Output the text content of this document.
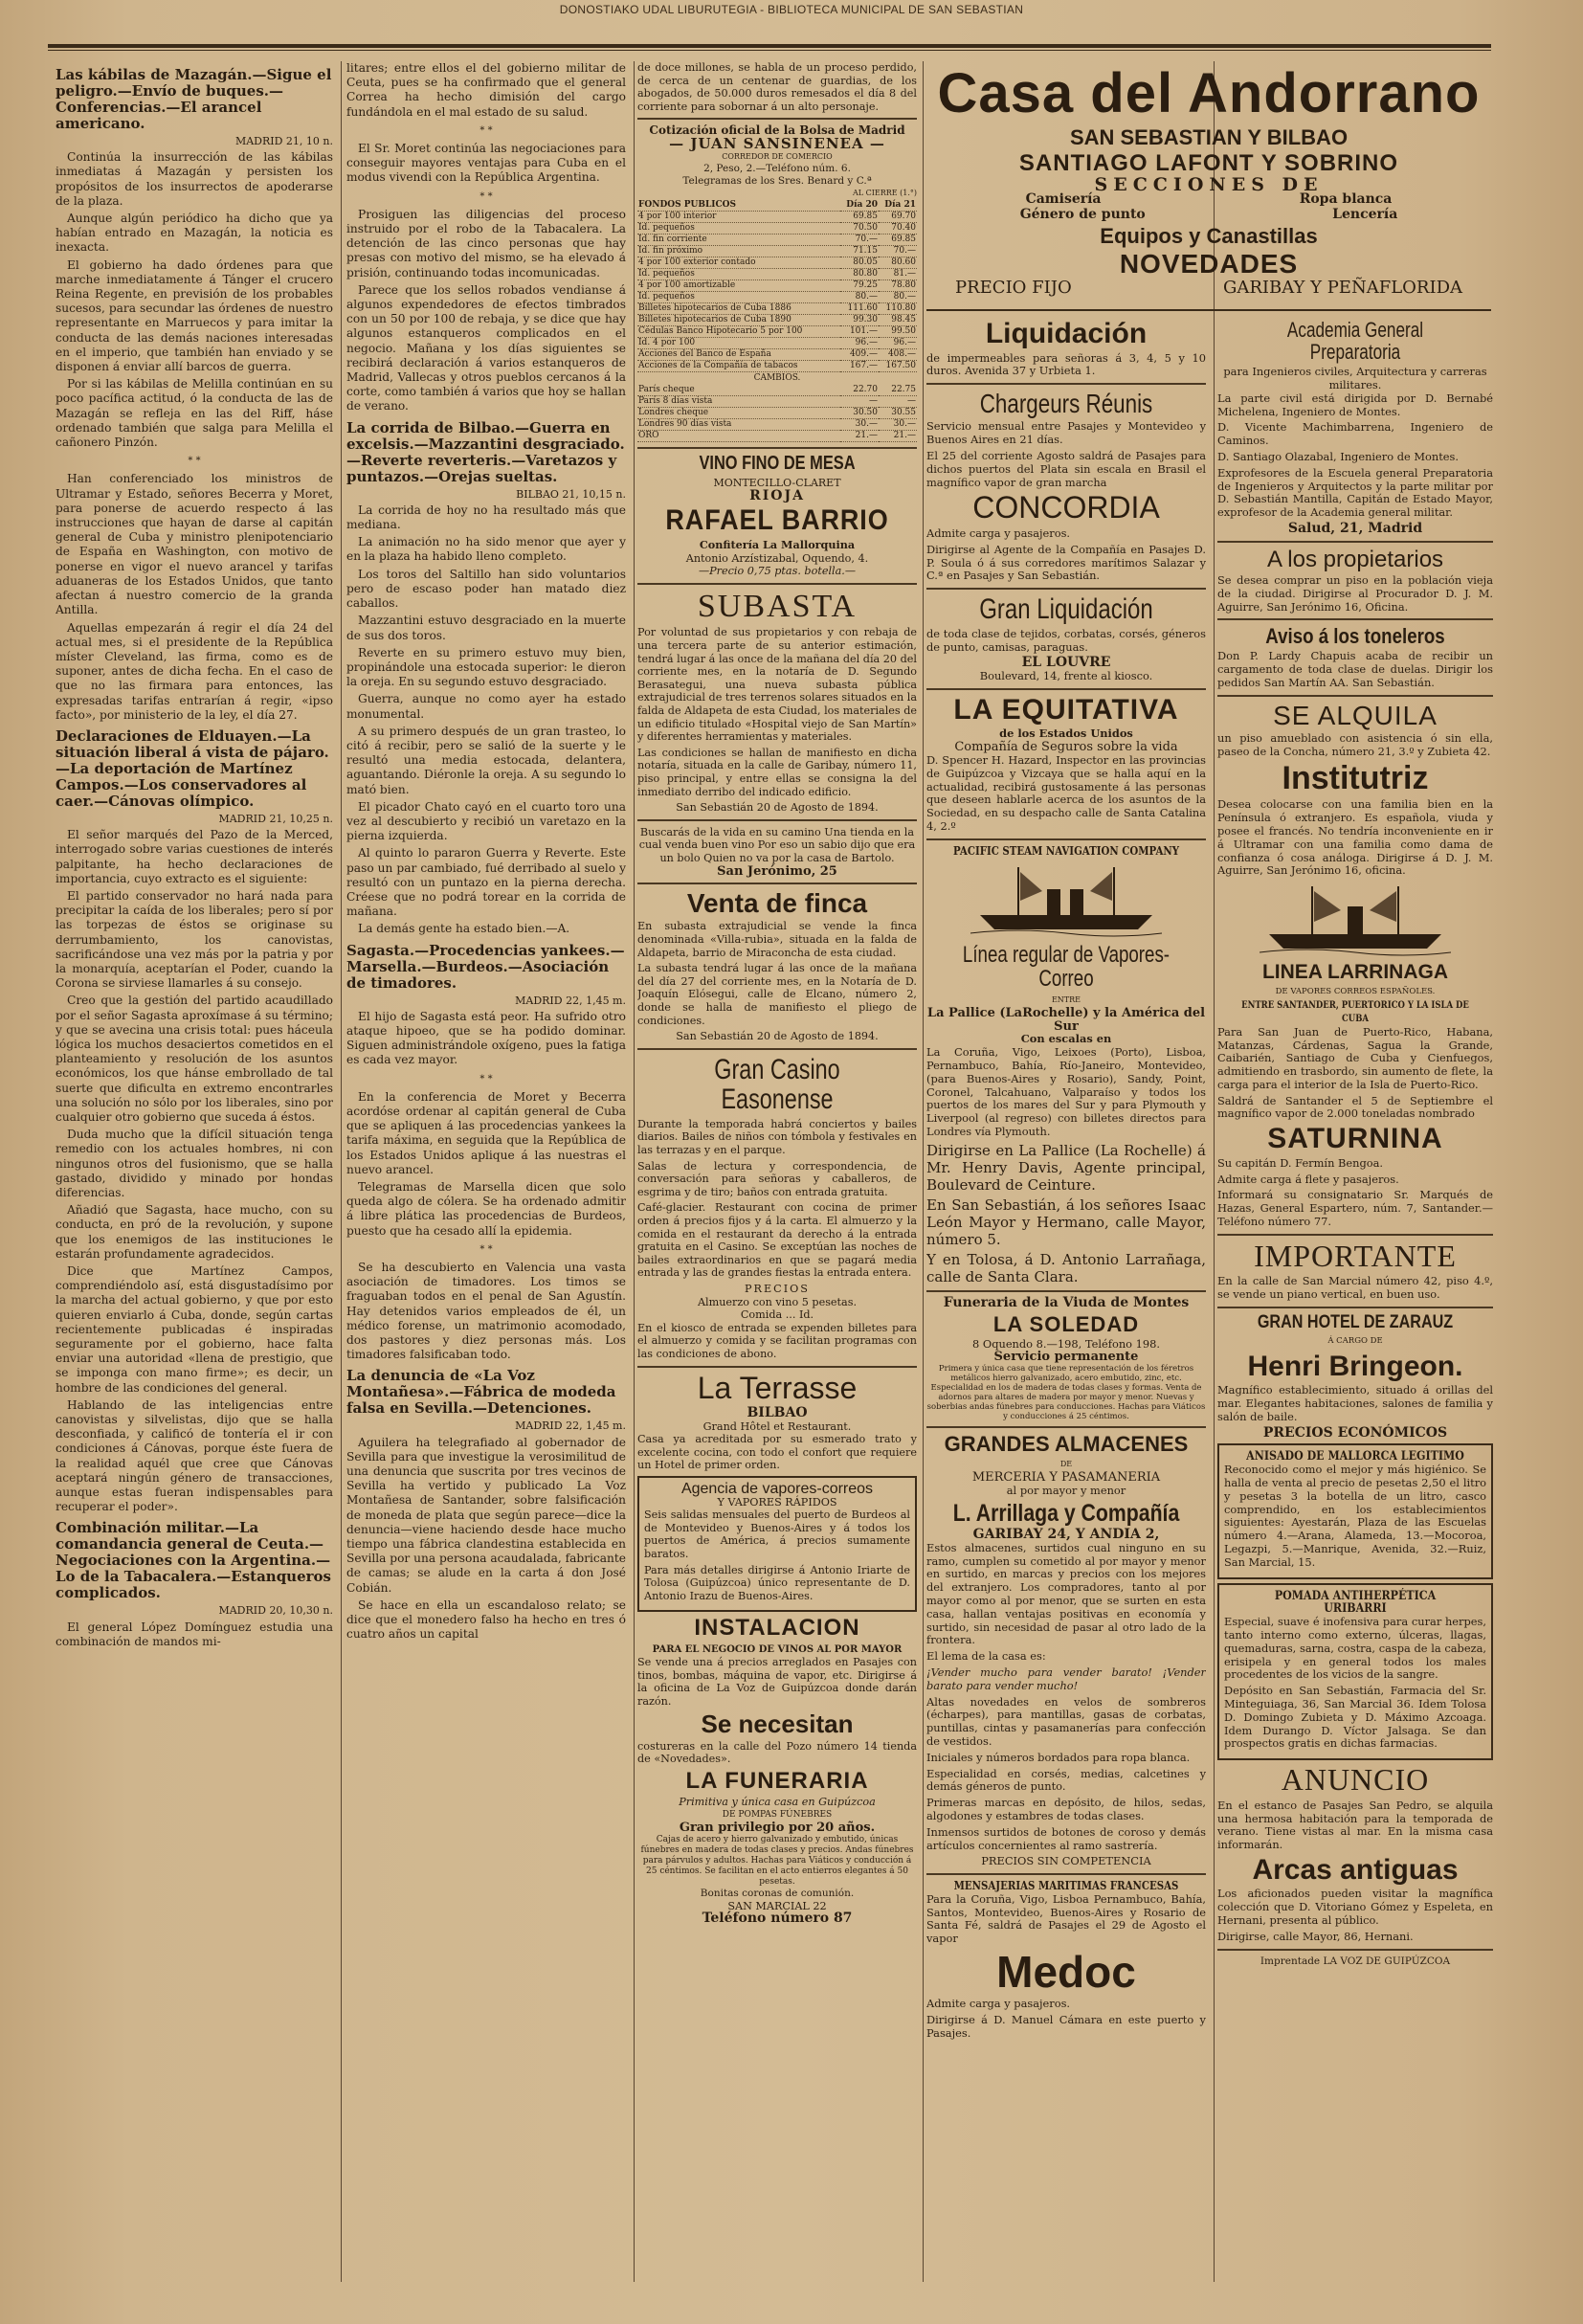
DONOSTIAKO UDAL LIBURUTEGIA - BIBLIOTECA MUNICIPAL DE SAN SEBASTIAN
Las kábilas de Mazagán.—Sigue el peligro.—Envío de buques.—Conferencias.—El arancel americano.
MADRID 21, 10 n.

Continúa la insurrección de las kábilas inmediatas á Mazagán y persisten los propósitos de los insurrectos de apoderarse de la plaza.

Aunque algún periódico ha dicho que ya habían entrado en Mazagán, la noticia es inexacta.

El gobierno ha dado órdenes para que marche inmediatamente á Tánger el crucero Reina Regente, en previsión de los probables sucesos, para secundar las órdenes de nuestro representante en Marruecos y para imitar la conducta de las demás naciones interesadas en el imperio, que también han enviado y se disponen á enviar allí barcos de guerra.

Por si las kábilas de Melilla continúan en su poco pacífica actitud, ó la conducta de las de Mazagán se refleja en las del Riff, háse ordenado también que salga para Melilla el cañonero Pinzón.

* *

Han conferenciado los ministros de Ultramar y Estado, señores Becerra y Moret, para ponerse de acuerdo respecto á las instrucciones que hayan de darse al capitán general de Cuba y ministro plenipotenciario de España en Washington, con motivo de ponerse en vigor el nuevo arancel y tarifas aduaneras de los Estados Unidos, que tanto afectan á nuestro comercio de la granda Antilla.

Aquellas empezarán á regir el día 24 del actual mes, si el presidente de la República míster Cleveland, las firma, como es de suponer, antes de dicha fecha. En el caso de que no las firmara para entonces, las expresadas tarifas entrarían á regir, «ipso facto», por ministerio de la ley, el día 27.

Declaraciones de Elduayen.—La situación liberal á vista de pájaro.—La deportación de Martínez Campos.—Los conservadores al caer.—Cánovas olímpico.
MADRID 21, 10,25 n.

El señor marqués del Pazo de la Merced, interrogado sobre varias cuestiones de interés palpitante, ha hecho declaraciones de importancia, cuyo extracto es el siguiente:

El partido conservador no hará nada para precipitar la caída de los liberales; pero sí por las torpezas de éstos se originase su derrumbamiento, los canovistas, sacrificándose una vez más por la patria y por la monarquía, aceptarían el Poder, cuando la Corona se sirviese llamarles á su consejo.

Creo que la gestión del partido acaudillado por el señor Sagasta aproxímase á su término; y que se avecina una crisis total: pues háceula lógica los muchos desaciertos cometidos en el planteamiento y resolución de los asuntos económicos, los que hánse embrollado de tal suerte que dificulta en extremo encontrarles una solución no sólo por los liberales, sino por cualquier otro gobierno que suceda á éstos.

Duda mucho que la difícil situación tenga remedio con los actuales hombres, ni con ningunos otros del fusionismo, que se halla gastado, dividido y minado por hondas diferencias.

Añadió que Sagasta, hace mucho, con su conducta, en pró de la revolución, y supone que los enemigos de las instituciones le estarán profundamente agradecidos.

Dice que Martínez Campos, comprendiéndolo así, está disgustadísimo por la marcha del actual gobierno, y que por esto quieren enviarlo á Cuba, donde, según cartas recientemente publicadas é inspiradas seguramente por el gobierno, hace falta enviar una autoridad «llena de prestigio, que se imponga con mano firme»; es decir, un hombre de las condiciones del general.

Hablando de las inteligencias entre canovistas y silvelistas, dijo que se halla desconfiada, y calificó de tontería el ir con condiciones á Cánovas, porque éste fuera de la realidad aquél que cree que Cánovas aceptará ningún género de transacciones, aunque estas fueran indispensables para recuperar el poder».

Combinación militar.—La comandancia general de Ceuta.—Negociaciones con la Argentina.—Lo de la Tabacalera.—Estanqueros complicados.
MADRID 20, 10,30 n.

El general López Domínguez estudia una combinación de mandos mi-

litares; entre ellos el del gobierno militar de Ceuta, pues se ha confirmado que el general Correa ha hecho dimisión del cargo fundándola en el mal estado de su salud.

* *

El Sr. Moret continúa las negociaciones para conseguir mayores ventajas para Cuba en el modus vivendi con la República Argentina.

* *

Prosiguen las diligencias del proceso instruido por el robo de la Tabacalera. La detención de las cinco personas que hay presas con motivo del mismo, se ha elevado á prisión, continuando todas incomunicadas.

Parece que los sellos robados vendianse á algunos expendedores de efectos timbrados con un 50 por 100 de rebaja, y se dice que hay algunos estanqueros complicados en el negocio. Mañana y los días siguientes se recibirá declaración á varios estanqueros de Madrid, Vallecas y otros pueblos cercanos á la corte, como también á varios que hoy se hallan de verano.

La corrida de Bilbao.—Guerra en excelsis.—Mazzantini desgraciado.—Reverte reverteris.—Varetazos y puntazos.—Orejas sueltas.
BILBAO 21, 10,15 n.

La corrida de hoy no ha resultado más que mediana.

La animación no ha sido menor que ayer y en la plaza ha habido lleno completo.

Los toros del Saltillo han sido voluntarios pero de escaso poder han matado diez caballos.

Mazzantini estuvo desgraciado en la muerte de sus dos toros.

Reverte en su primero estuvo muy bien, propinándole una estocada superior: le dieron la oreja. En su segundo estuvo desgraciado.

Guerra, aunque no como ayer ha estado monumental.

A su primero después de un gran trasteo, lo citó á recibir, pero se salió de la suerte y le resultó una media estocada, delantera, aguantando. Diéronle la oreja. A su segundo lo mató bien.

El picador Chato cayó en el cuarto toro una vez al descubierto y recibió un varetazo en la pierna izquierda.

Al quinto lo pararon Guerra y Reverte. Este paso un par cambiado, fué derribado al suelo y resultó con un puntazo en la pierna derecha. Créese que no podrá torear en la corrida de mañana.

La demás gente ha estado bien.—A.

Sagasta.—Procedencias yankees.—Marsella.—Burdeos.—Asociación de timadores.
MADRID 22, 1,45 m.

El hijo de Sagasta está peor. Ha sufrido otro ataque hipoeo, que se ha podido dominar. Siguen administrándole oxígeno, pues la fatiga es cada vez mayor.

* *

En la conferencia de Moret y Becerra acordóse ordenar al capitán general de Cuba que se apliquen á las procedencias yankees la tarifa máxima, en seguida que la República de los Estados Unidos aplique á las nuestras el nuevo arancel.

Telegramas de Marsella dicen que solo queda algo de cólera. Se ha ordenado admitir á libre plática las procedencias de Burdeos, puesto que ha cesado allí la epidemia.

* *

Se ha descubierto en Valencia una vasta asociación de timadores. Los timos se fraguaban todos en el penal de San Agustín. Hay detenidos varios empleados de él, un médico forense, un matrimonio acomodado, dos pastores y diez personas más. Los timadores falsificaban todo.

La denuncia de «La Voz Montañesa».—Fábrica de modeda falsa en Sevilla.—Detenciones.
MADRID 22, 1,45 m.

Aguilera ha telegrafiado al gobernador de Sevilla para que investigue la verosimilitud de una denuncia que suscrita por tres vecinos de Sevilla ha vertido y publicado La Voz Montañesa de Santander, sobre falsificación de moneda de plata que según parece—dice la denuncia—viene haciendo desde hace mucho tiempo una fábrica clandestina establecida en Sevilla por una persona acaudalada, fabricante de camas; se alude en la carta á don José Cobián.

Se hace en ella un escandaloso relato; se dice que el monedero falso ha hecho en tres ó cuatro años un capital

de doce millones, se habla de un proceso perdido, de cerca de un centenar de guardias, de los abogados, de 50.000 duros remesados el día 8 del corriente para sobornar á un alto personaje.

Cotización oficial de la Bolsa de Madrid
— JUAN SANSINENEA —
CORREDOR DE COMERCIO
2, Peso, 2.—Teléfono núm. 6.
Telegramas de los Sres. Benard y C.ª
AL CIERRE (1.°)
FONDOS PUBLICOS	Día 20	Día 21
4 por 100 interior	69.85	69.70
Id. pequeños	70.50	70.40
Id. fin corriente	70.—	69.85
Id. fin próximo	71.15	70.—
4 por 100 exterior contado	80.05	80.60
Id. pequeños	80.80	81.—
4 por 100 amortizable	79.25	78.80
Id. pequeños	80.—	80.—
Billetes hipotecarios de Cuba 1886	111.60	110.80
Billetes hipotecarios de Cuba 1890	99.30	98.45
Cédulas Banco Hipotecario 5 por 100	101.—	99.50
Id. 4 por 100	96.—	96.—
Acciones del Banco de España	409.—	408.—
Acciones de la Compañía de tabacos	167.—	167.50
CAMBIOS.
París cheque	22.70	22.75
París 8 días vista	—	—
Londres cheque	30.50	30.55
Londres 90 días vista	30.—	30.—
ORO	21.—	21.—
VINO FINO DE MESA
MONTECILLO-CLARET
RIOJA
RAFAEL BARRIO
Confitería La Mallorquina
Antonio Arzístizabal, Oquendo, 4.
—Precio 0,75 ptas. botella.—
SUBASTA

Por voluntad de sus propietarios y con rebaja de una tercera parte de su anterior estimación, tendrá lugar á las once de la mañana del día 20 del corriente mes, en la notaría de D. Segundo Berasategui, una nueva subasta pública extrajudicial de tres terrenos solares situados en la falda de Aldapeta de esta Ciudad, los materiales de un edificio titulado «Hospital viejo de San Martín» y diferentes herramientas y materiales.

Las condiciones se hallan de manifiesto en dicha notaría, situada en la calle de Garibay, número 11, piso principal, y entre ellas se consigna la del inmediato derribo del indicado edificio.

San Sebastián 20 de Agosto de 1894.
Buscarás de la vida en su camino Una tienda en la cual venda buen vino Por eso un sabio dijo que era un bolo Quien no va por la casa de Bartolo.
San Jerónimo, 25
Venta de finca

En subasta extrajudicial se vende la finca denominada «Villa-rubia», situada en la falda de Aldapeta, barrio de Miraconcha de esta ciudad.

La subasta tendrá lugar á las once de la mañana del día 27 del corriente mes, en la Notaría de D. Joaquín Elósegui, calle de Elcano, número 2, donde se halla de manifiesto el pliego de condiciones.

San Sebastián 20 de Agosto de 1894.
Gran Casino Easonense

Durante la temporada habrá conciertos y bailes diarios. Bailes de niños con tómbola y festivales en las terrazas y en el parque.

Salas de lectura y correspondencia, de conversación para señoras y caballeros, de esgrima y de tiro; baños con entrada gratuita.

Café-glacier. Restaurant con cocina de primer orden á precios fijos y á la carta. El almuerzo y la comida en el restaurant da derecho á la entrada gratuita en el Casino. Se exceptúan las noches de bailes extraordinarios en que se pagará media entrada y las de grandes fiestas la entrada entera.

PRECIOS
Almuerzo con vino 5 pesetas.
Comida ... Id.

En el kiosco de entrada se expenden billetes para el almuerzo y comida y se facilitan programas con las condiciones de abono.

La Terrasse
BILBAO
Grand Hôtel et Restaurant.

Casa ya acreditada por su esmerado trato y excelente cocina, con todo el confort que requiere un Hotel de primer orden.

Agencia de vapores-correos
Y VAPORES RÁPIDOS

Seis salidas mensuales del puerto de Burdeos al de Montevideo y Buenos-Aires y á todos los puertos de América, á precios sumamente baratos.

Para más detalles dirigirse á Antonio Iriarte de Tolosa (Guipúzcoa) único representante de D. Antonio Irazu de Buenos-Aires.

INSTALACION
PARA EL NEGOCIO DE VINOS AL POR MAYOR

Se vende una á precios arreglados en Pasajes con tinos, bombas, máquina de vapor, etc. Dirigirse á la oficina de La Voz de Guipúzcoa donde darán razón.

Se necesitan

costureras en la calle del Pozo número 14 tienda de «Novedades».

LA FUNERARIA
Primitiva y única casa en Guipúzcoa
DE POMPAS FÚNEBRES
Gran privilegio por 20 años.
Cajas de acero y hierro galvanizado y embutido, únicas fúnebres en madera de todas clases y precios. Andas fúnebres para párvulos y adultos. Hachas para Viáticos y conducción á 25 céntimos. Se facilitan en el acto entierros elegantes á 50 pesetas.
Bonitas coronas de comunión.
SAN MARCIAL 22
Teléfono número 87
Casa del Andorrano
SAN SEBASTIAN Y BILBAO
SANTIAGO LAFONT Y SOBRINO
SECCIONES DE
Camisería	Ropa blanca
Género de punto	Lencería
Equipos y Canastillas
NOVEDADES
PRECIO FIJO	GARIBAY Y PEÑAFLORIDA
Liquidación

de impermeables para señoras á 3, 4, 5 y 10 duros. Avenida 37 y Urbieta 1.

Chargeurs Réunis

Servicio mensual entre Pasajes y Montevideo y Buenos Aires en 21 días.

El 25 del corriente Agosto saldrá de Pasajes para dichos puertos del Plata sin escala en Brasil el magnífico vapor de gran marcha

CONCORDIA

Admite carga y pasajeros.

Dirigirse al Agente de la Compañía en Pasajes D. P. Soula ó á sus corredores marítimos Salazar y C.ª en Pasajes y San Sebastián.

Gran Liquidación

de toda clase de tejidos, corbatas, corsés, géneros de punto, camisas, paraguas.

EL LOUVRE
Boulevard, 14, frente al kiosco.
LA EQUITATIVA
de los Estados Unidos
Compañía de Seguros sobre la vida

D. Spencer H. Hazard, Inspector en las provincias de Guipúzcoa y Vizcaya que se halla aquí en la actualidad, recibirá gustosamente á las personas que deseen hablarle acerca de los asuntos de la Sociedad, en su despacho calle de Santa Catalina 4, 2.º

PACIFIC STEAM NAVIGATION COMPANY
Línea regular de Vapores-Correo
ENTRE
La Pallice (LaRochelle) y la América del Sur
Con escalas en

La Coruña, Vigo, Leixoes (Porto), Lisboa, Pernambuco, Bahía, Río-Janeiro, Montevideo, (para Buenos-Aires y Rosario), Sandy, Point, Coronel, Talcahuano, Valparaíso y todos los puertos de los mares del Sur y para Plymouth y Liverpool (al regreso) con billetes directos para Londres vía Plymouth.

Dirigirse en La Pallice (La Rochelle) á Mr. Henry Davis, Agente principal, Boulevard de Ceinture.

En San Sebastián, á los señores Isaac León Mayor y Hermano, calle Mayor, número 5.

Y en Tolosa, á D. Antonio Larrañaga, calle de Santa Clara.

Funeraria de la Viuda de Montes
LA SOLEDAD
8 Oquendo 8.—198, Teléfono 198.
Servicio permanente
Primera y única casa que tiene representación de los féretros metálicos hierro galvanizado, acero embutido, zinc, etc. Especialidad en los de madera de todas clases y formas. Venta de adornos para altares de madera por mayor y menor. Nuevas y soberbias andas fúnebres para conducciones. Hachas para Viáticos y conducciones á 25 céntimos.
GRANDES ALMACENES
DE
MERCERIA Y PASAMANERIA
al por mayor y menor
L. Arrillaga y Compañía
GARIBAY 24, Y ANDIA 2,

Estos almacenes, surtidos cual ninguno en su ramo, cumplen su cometido al por mayor y menor en surtido, en marcas y precios con los mejores del extranjero. Los compradores, tanto al por mayor como al por menor, que se surten en esta casa, hallan ventajas positivas en economía y surtido, sin necesidad de pasar al otro lado de la frontera.

El lema de la casa es:

¡Vender mucho para vender barato! ¡Vender barato para vender mucho!

Altas novedades en velos de sombreros (écharpes), para mantillas, gasas de corbatas, puntillas, cintas y pasamanerías para confección de vestidos.

Iniciales y números bordados para ropa blanca.

Especialidad en corsés, medias, calcetines y demás géneros de punto.

Primeras marcas en depósito, de hilos, sedas, algodones y estambres de todas clases.

Inmensos surtidos de botones de coroso y demás artículos concernientes al ramo sastrería.

PRECIOS SIN COMPETENCIA
MENSAJERIAS MARITIMAS FRANCESAS

Para la Coruña, Vigo, Lisboa Pernambuco, Bahía, Santos, Montevideo, Buenos-Aires y Rosario de Santa Fé, saldrá de Pasajes el 29 de Agosto el vapor

Medoc

Admite carga y pasajeros.

Dirigirse á D. Manuel Cámara en este puerto y Pasajes.

Academia General Preparatoria
para Ingenieros civiles, Arquitectura y carreras militares.

La parte civil está dirigida por D. Bernabé Michelena, Ingeniero de Montes.

D. Vicente Machimbarrena, Ingeniero de Caminos.

D. Santiago Olazabal, Ingeniero de Montes.

Exprofesores de la Escuela general Preparatoria de Ingenieros y Arquitectos y la parte militar por D. Sebastián Mantilla, Capitán de Estado Mayor, exprofesor de la Academia general militar.

Salud, 21, Madrid
A los propietarios

Se desea comprar un piso en la población vieja de la ciudad. Dirigirse al Procurador D. J. M. Aguirre, San Jerónimo 16, Oficina.

Aviso á los toneleros

Don P. Lardy Chapuis acaba de recibir un cargamento de toda clase de duelas. Dirigir los pedidos San Martín AA. San Sebastián.

SE ALQUILA

un piso amueblado con asistencia ó sin ella, paseo de la Concha, número 21, 3.º y Zubieta 42.

Institutriz

Desea colocarse con una familia bien en la Península ó extranjero. Es española, viuda y posee el francés. No tendría inconveniente en ir á Ultramar con una familia como dama de confianza ó cosa análoga. Dirigirse á D. J. M. Aguirre, San Jerónimo 16, oficina.

LINEA LARRINAGA
DE VAPORES CORREOS ESPAÑOLES.
ENTRE SANTANDER, PUERTORICO Y LA ISLA DE CUBA

Para San Juan de Puerto-Rico, Habana, Matanzas, Cárdenas, Sagua la Grande, Caibarién, Santiago de Cuba y Cienfuegos, admitiendo en trasbordo, sin aumento de flete, la carga para el interior de la Isla de Puerto-Rico.

Saldrá de Santander el 5 de Septiembre el magnífico vapor de 2.000 toneladas nombrado

SATURNINA

Su capitán D. Fermín Bengoa.

Admite carga á flete y pasajeros.

Informará su consignatario Sr. Marqués de Hazas, General Espartero, núm. 7, Santander.—Teléfono número 77.

IMPORTANTE

En la calle de San Marcial número 42, piso 4.º, se vende un piano vertical, en buen uso.

GRAN HOTEL DE ZARAUZ
Á CARGO DE
Henri Bringeon.

Magnífico establecimiento, situado á orillas del mar. Elegantes habitaciones, salones de familia y salón de baile.

PRECIOS ECONÓMICOS
ANISADO DE MALLORCA LEGITIMO

Reconocido como el mejor y más higiénico. Se halla de venta al precio de pesetas 2,50 el litro y pesetas 3 la botella de un litro, casco comprendido, en los establecimientos siguientes: Ayestarán, Plaza de las Escuelas número 4.—Arana, Alameda, 13.—Mocoroa, Legazpi, 5.—Manrique, Avenida, 32.—Ruiz, San Marcial, 15.

POMADA ANTIHERPÉTICA URIBARRI

Especial, suave é inofensiva para curar herpes, tanto interno como externo, úlceras, llagas, quemaduras, sarna, costra, caspa de la cabeza, erisipela y en general todos los males procedentes de los vicios de la sangre.

Depósito en San Sebastián, Farmacia del Sr. Minteguiaga, 36, San Marcial 36. Idem Tolosa D. Domingo Zubieta y D. Máximo Azcoaga. Idem Durango D. Víctor Jalsaga. Se dan prospectos gratis en dichas farmacias.

ANUNCIO

En el estanco de Pasajes San Pedro, se alquila una hermosa habitación para la temporada de verano. Tiene vistas al mar. En la misma casa informarán.

Arcas antiguas

Los aficionados pueden visitar la magnífica colección que D. Vitoriano Gómez y Espeleta, en Hernani, presenta al público.

Dirigirse, calle Mayor, 86, Hernani.

Imprentade LA VOZ DE GUIPÚZCOA
